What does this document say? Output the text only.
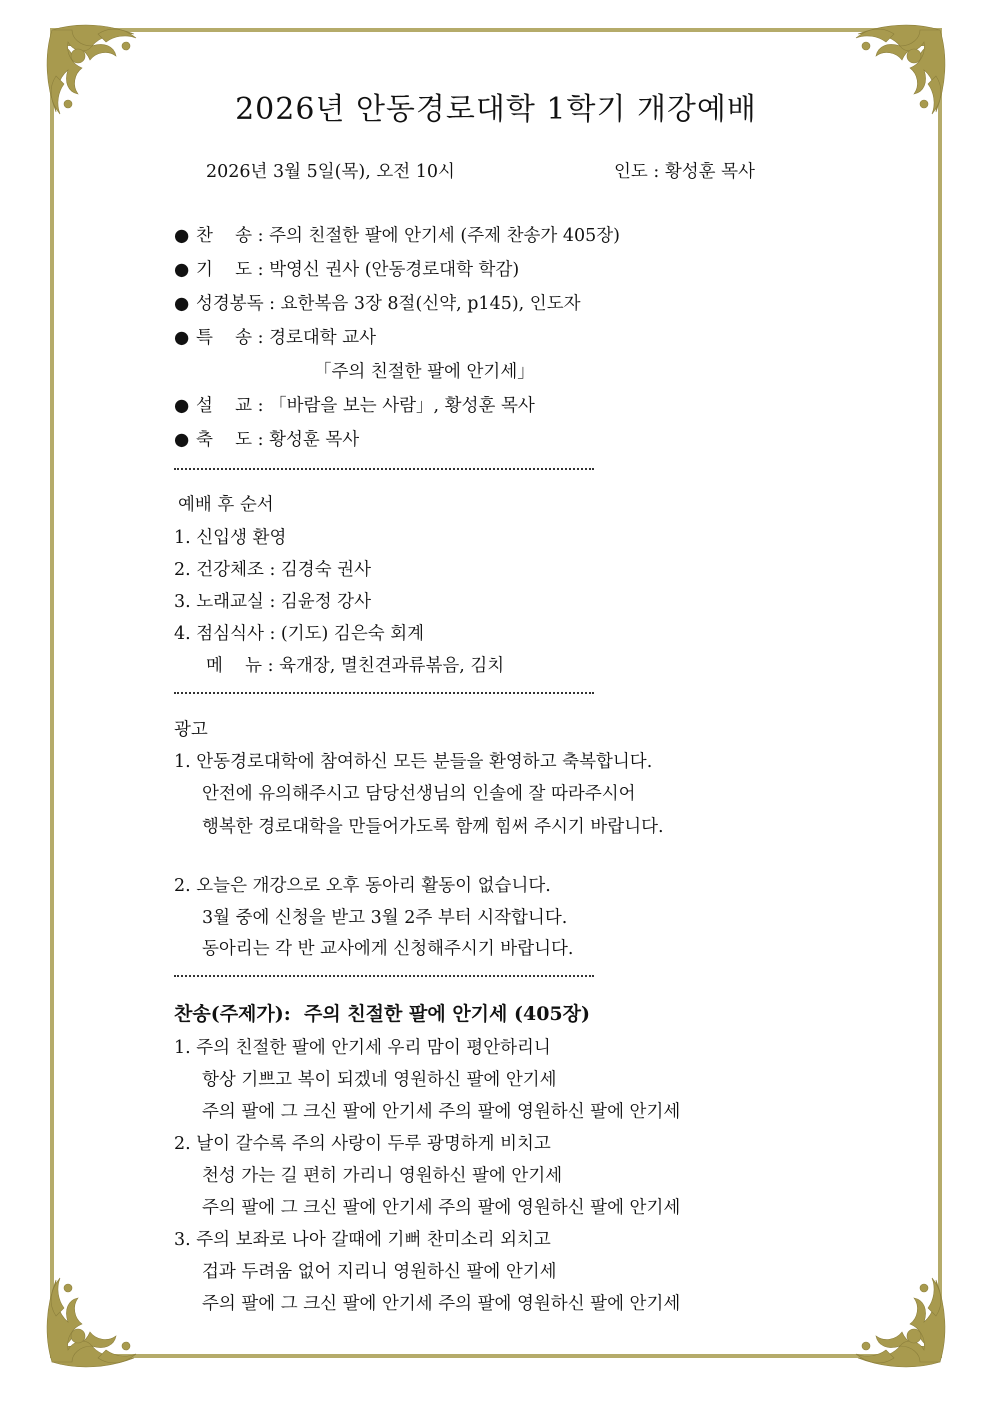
2026년 안동경로대학 1학기 개강예배
2026년 3월 5일(목), 오전 10시	인도 : 황성훈 목사
● 찬    송 : 주의 친절한 팔에 안기세 (주제 찬송가 405장)
● 기    도 : 박영신 권사 (안동경로대학 학감)
● 성경봉독 : 요한복음 3장 8절(신약, p145), 인도자
● 특    송 : 경로대학 교사
「주의 친절한 팔에 안기세」
● 설    교 : 「바람을 보는 사람」, 황성훈 목사
● 축    도 : 황성훈 목사
예배 후 순서
1. 신입생 환영
2. 건강체조 : 김경숙 권사
3. 노래교실 : 김윤정 강사
4. 점심식사 : (기도) 김은숙 회계
메    뉴 : 육개장, 멸친견과류볶음, 김치
광고
1. 안동경로대학에 참여하신 모든 분들을 환영하고 축복합니다.
안전에 유의해주시고 담당선생님의 인솔에 잘 따라주시어
행복한 경로대학을 만들어가도록 함께 힘써 주시기 바랍니다.
2. 오늘은 개강으로 오후 동아리 활동이 없습니다.
3월 중에 신청을 받고 3월 2주 부터 시작합니다.
동아리는 각 반 교사에게 신청해주시기 바랍니다.
찬송(주제가):  주의 친절한 팔에 안기세 (405장)
1. 주의 친절한 팔에 안기세 우리 맘이 평안하리니
항상 기쁘고 복이 되겠네 영원하신 팔에 안기세
주의 팔에 그 크신 팔에 안기세 주의 팔에 영원하신 팔에 안기세
2. 날이 갈수록 주의 사랑이 두루 광명하게 비치고
천성 가는 길 편히 가리니 영원하신 팔에 안기세
주의 팔에 그 크신 팔에 안기세 주의 팔에 영원하신 팔에 안기세
3. 주의 보좌로 나아 갈때에 기뻐 찬미소리 외치고
겁과 두려움 없어 지리니 영원하신 팔에 안기세
주의 팔에 그 크신 팔에 안기세 주의 팔에 영원하신 팔에 안기세
